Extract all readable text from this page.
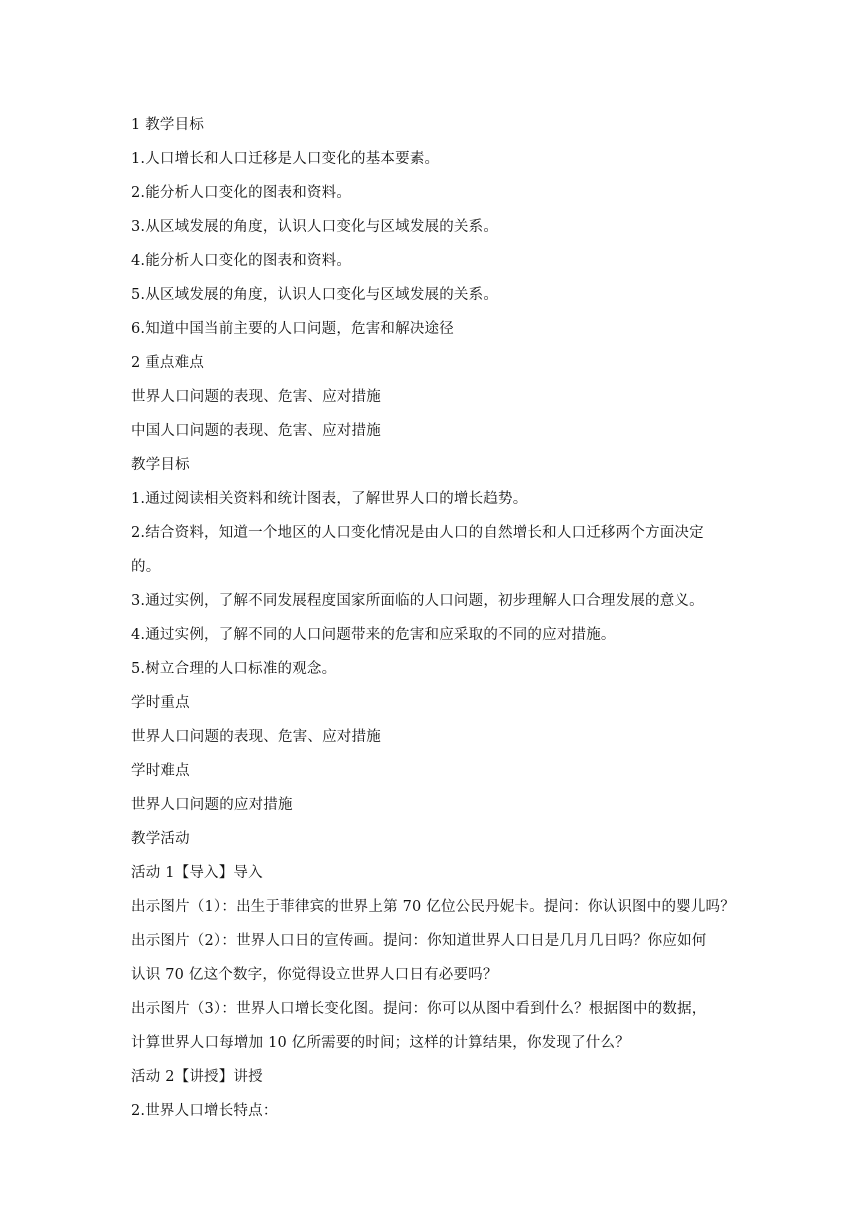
1 教学目标
1.人口增长和人口迁移是人口变化的基本要素。
2.能分析人口变化的图表和资料。
3.从区域发展的角度，认识人口变化与区域发展的关系。
4.能分析人口变化的图表和资料。
5.从区域发展的角度，认识人口变化与区域发展的关系。
6.知道中国当前主要的人口问题，危害和解决途径
2 重点难点
世界人口问题的表现、危害、应对措施
中国人口问题的表现、危害、应对措施
教学目标
1.通过阅读相关资料和统计图表，了解世界人口的增长趋势。
2.结合资料，知道一个地区的人口变化情况是由人口的自然增长和人口迁移两个方面决定
的。
3.通过实例，了解不同发展程度国家所面临的人口问题，初步理解人口合理发展的意义。
4.通过实例，了解不同的人口问题带来的危害和应采取的不同的应对措施。
5.树立合理的人口标准的观念。
学时重点
世界人口问题的表现、危害、应对措施
学时难点
世界人口问题的应对措施
教学活动
活动 1【导入】导入
出示图片（1）：出生于菲律宾的世界上第 70 亿位公民丹妮卡。提问：你认识图中的婴儿吗？
出示图片（2）：世界人口日的宣传画。提问：你知道世界人口日是几月几日吗？你应如何
认识 70 亿这个数字，你觉得设立世界人口日有必要吗？
出示图片（3）：世界人口增长变化图。提问：你可以从图中看到什么？根据图中的数据，
计算世界人口每增加 10 亿所需要的时间；这样的计算结果，你发现了什么？
活动 2【讲授】讲授
2.世界人口增长特点：
